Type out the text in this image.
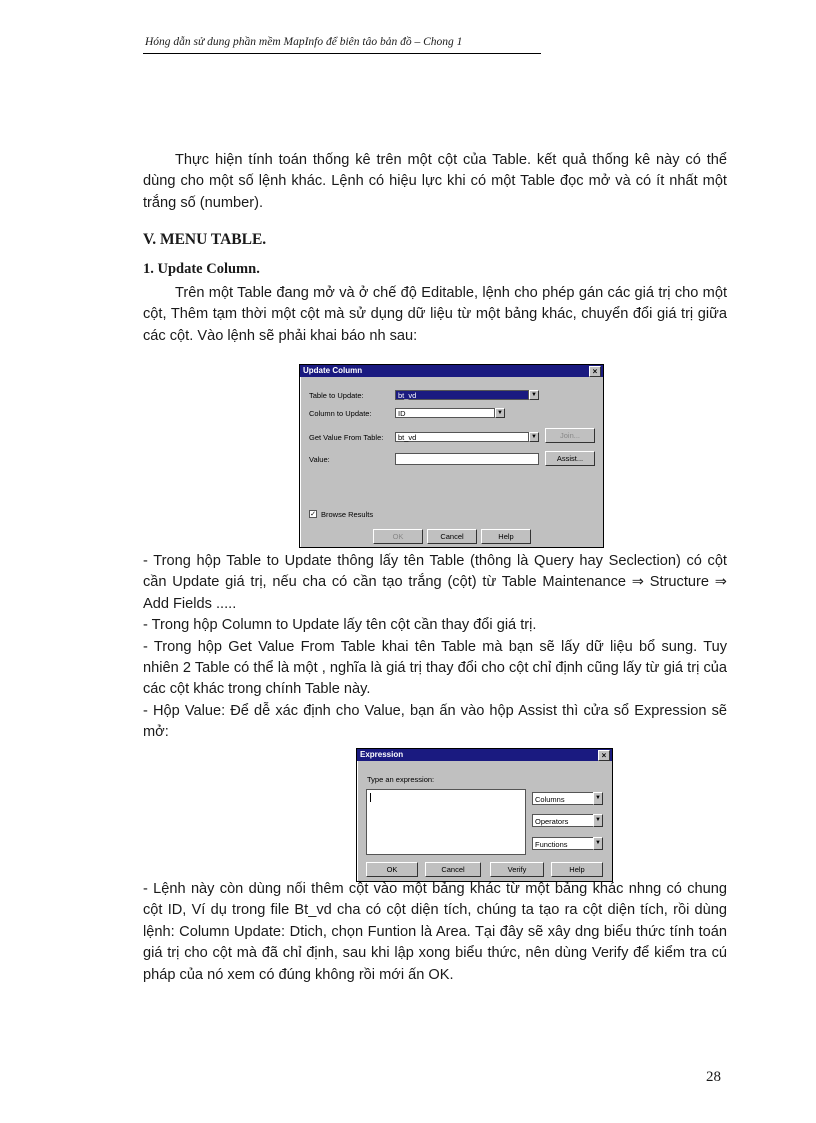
Hóng dẫn sử dung phần mềm MapInfo để biên tâo bản đồ – Chong 1

Thực hiện tính toán thống kê trên một cột của Table. kết quả thống kê này có thể dùng cho một số lệnh khác. Lệnh có hiệu lực khi có một Table đọc mở và có ít nhất một trắng số (number).

V. MENU TABLE.
1. Update Column.

Trên một Table đang mở và ở chế độ Editable, lệnh cho phép gán các giá trị cho một cột, Thêm tạm thời một cột mà sử dụng dữ liệu từ một bảng khác, chuyển đổi giá trị giữa các cột. Vào lệnh sẽ phải khai báo nh sau:

Update Column	×
Table to Update:	bt_vd	▼
Column to Update:	ID	▼
Get Value From Table:	bt_vd	▼	Join...
Value:	Assist...
✓ Browse Results
OK	Cancel	Help

- Trong hộp Table to Update thông lấy tên Table (thông là Query hay Seclection) có cột cần Update giá trị, nếu cha có cần tạo trắng (cột) từ Table Maintenance ⇒ Structure ⇒ Add Fields .....

- Trong hộp Column to Update lấy tên cột cần thay đổi giá trị.

- Trong hộp Get Value From Table khai tên Table mà bạn sẽ lấy dữ liệu bổ sung. Tuy nhiên 2 Table có thể là một , nghĩa là giá trị thay đổi cho cột chỉ định cũng lấy từ giá trị của các cột khác trong chính Table này.

- Hộp Value: Để dễ xác định cho Value, bạn ấn vào hộp Assist thì cửa sổ Expression sẽ mở:

Expression	×
Type an expression:
Columns	▼
Operators	▼
Functions	▼
OK	Cancel	Verify	Help

- Lệnh này còn dùng nối thêm cột vào một bảng khác từ một bảng khác nhng có chung cột ID, Ví dụ trong file Bt_vd cha có cột diện tích, chúng ta tạo ra cột diện tích, rồi dùng lệnh: Column Update: Dtich, chọn Funtion là Area. Tại đây sẽ xây dng biểu thức tính toán giá trị cho cột mà đã chỉ định, sau khi lập xong biểu thức, nên dùng Verify để kiểm tra cú pháp của nó xem có đúng không rồi mới ấn OK.

28
